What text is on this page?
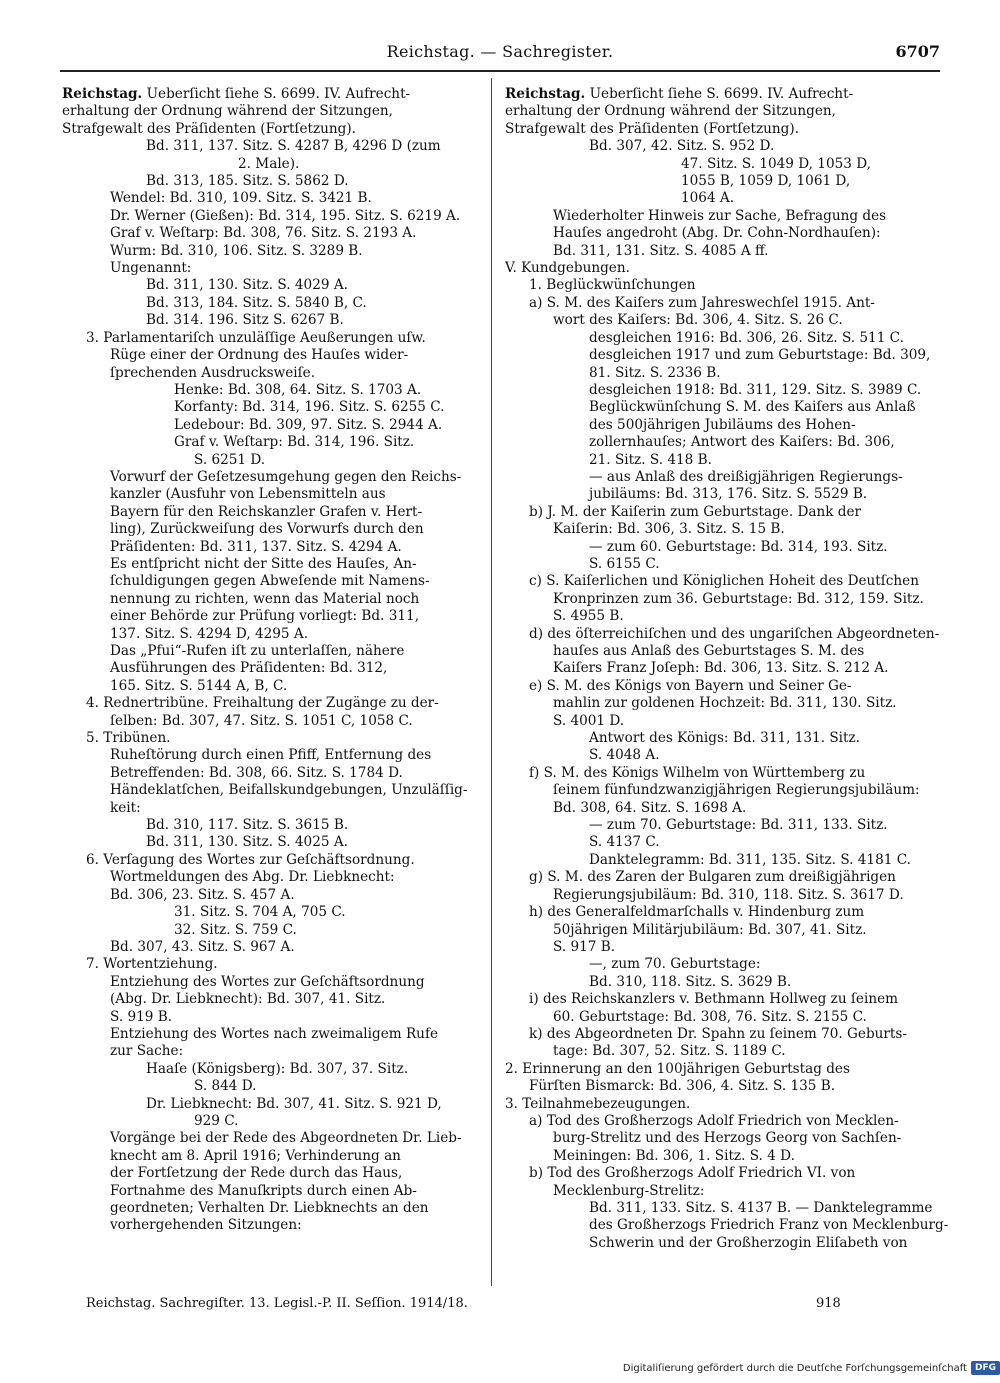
Reichstag. — Sachregister.	6707
Reichstag. Ueberſicht ſiehe S. 6699. IV. Aufrecht-
erhaltung der Ordnung während der Sitzungen,
Strafgewalt des Präſidenten (Fortſetzung).
Bd. 311, 137. Sitz. S. 4287 B, 4296 D (zum
2. Male).
Bd. 313, 185. Sitz. S. 5862 D.
Wendel: Bd. 310, 109. Sitz. S. 3421 B.
Dr. Werner (Gießen): Bd. 314, 195. Sitz. S. 6219 A.
Graf v. Weſtarp: Bd. 308, 76. Sitz. S. 2193 A.
Wurm: Bd. 310, 106. Sitz. S. 3289 B.
Ungenannt:
Bd. 311, 130. Sitz. S. 4029 A.
Bd. 313, 184. Sitz. S. 5840 B, C.
Bd. 314. 196. Sitz S. 6267 B.
3. Parlamentariſch unzuläſſige Aeußerungen uſw.
Rüge einer der Ordnung des Hauſes wider-
ſprechenden Ausdrucksweiſe.
Henke: Bd. 308, 64. Sitz. S. 1703 A.
Korfanty: Bd. 314, 196. Sitz. S. 6255 C.
Ledebour: Bd. 309, 97. Sitz. S. 2944 A.
Graf v. Weſtarp: Bd. 314, 196. Sitz.
S. 6251 D.
Vorwurf der Geſetzesumgehung gegen den Reichs-
kanzler (Ausfuhr von Lebensmitteln aus
Bayern für den Reichskanzler Grafen v. Hert-
ling), Zurückweiſung des Vorwurfs durch den
Präſidenten: Bd. 311, 137. Sitz. S. 4294 A.
Es entſpricht nicht der Sitte des Hauſes, An-
ſchuldigungen gegen Abweſende mit Namens-
nennung zu richten, wenn das Material noch
einer Behörde zur Prüfung vorliegt: Bd. 311,
137. Sitz. S. 4294 D, 4295 A.
Das „Pfui“-Rufen iſt zu unterlaſſen, nähere
Ausführungen des Präſidenten: Bd. 312,
165. Sitz. S. 5144 A, B, C.
4. Rednertribüne. Freihaltung der Zugänge zu der-
ſelben: Bd. 307, 47. Sitz. S. 1051 C, 1058 C.
5. Tribünen.
Ruheſtörung durch einen Pfiff, Entfernung des
Betreffenden: Bd. 308, 66. Sitz. S. 1784 D.
Händeklatſchen, Beifallskundgebungen, Unzuläſſig-
keit:
Bd. 310, 117. Sitz. S. 3615 B.
Bd. 311, 130. Sitz. S. 4025 A.
6. Verſagung des Wortes zur Geſchäftsordnung.
Wortmeldungen des Abg. Dr. Liebknecht:
Bd. 306, 23. Sitz. S. 457 A.
31. Sitz. S. 704 A, 705 C.
32. Sitz. S. 759 C.
Bd. 307, 43. Sitz. S. 967 A.
7. Wortentziehung.
Entziehung des Wortes zur Geſchäftsordnung
(Abg. Dr. Liebknecht): Bd. 307, 41. Sitz.
S. 919 B.
Entziehung des Wortes nach zweimaligem Rufe
zur Sache:
Haaſe (Königsberg): Bd. 307, 37. Sitz.
S. 844 D.
Dr. Liebknecht: Bd. 307, 41. Sitz. S. 921 D,
929 C.
Vorgänge bei der Rede des Abgeordneten Dr. Lieb-
knecht am 8. April 1916; Verhinderung an
der Fortſetzung der Rede durch das Haus,
Fortnahme des Manuſkripts durch einen Ab-
geordneten; Verhalten Dr. Liebknechts an den
vorhergehenden Sitzungen:
Reichstag. Ueberſicht ſiehe S. 6699. IV. Aufrecht-
erhaltung der Ordnung während der Sitzungen,
Strafgewalt des Präſidenten (Fortſetzung).
Bd. 307, 42. Sitz. S. 952 D.
47. Sitz. S. 1049 D, 1053 D,
1055 B, 1059 D, 1061 D,
1064 A.
Wiederholter Hinweis zur Sache, Befragung des
Hauſes angedroht (Abg. Dr. Cohn-Nordhauſen):
Bd. 311, 131. Sitz. S. 4085 A ff.
V. Kundgebungen.
1. Beglückwünſchungen
a) S. M. des Kaiſers zum Jahreswechſel 1915. Ant-
wort des Kaiſers: Bd. 306, 4. Sitz. S. 26 C.
desgleichen 1916: Bd. 306, 26. Sitz. S. 511 C.
desgleichen 1917 und zum Geburtstage: Bd. 309,
81. Sitz. S. 2336 B.
desgleichen 1918: Bd. 311, 129. Sitz. S. 3989 C.
Beglückwünſchung S. M. des Kaiſers aus Anlaß
des 500jährigen Jubiläums des Hohen-
zollernhauſes; Antwort des Kaiſers: Bd. 306,
21. Sitz. S. 418 B.
— aus Anlaß des dreißigjährigen Regierungs-
jubiläums: Bd. 313, 176. Sitz. S. 5529 B.
b) J. M. der Kaiſerin zum Geburtstage. Dank der
Kaiſerin: Bd. 306, 3. Sitz. S. 15 B.
— zum 60. Geburtstage: Bd. 314, 193. Sitz.
S. 6155 C.
c) S. Kaiſerlichen und Königlichen Hoheit des Deutſchen
Kronprinzen zum 36. Geburtstage: Bd. 312, 159. Sitz.
S. 4955 B.
d) des öſterreichiſchen und des ungariſchen Abgeordneten-
hauſes aus Anlaß des Geburtstages S. M. des
Kaiſers Franz Joſeph: Bd. 306, 13. Sitz. S. 212 A.
e) S. M. des Königs von Bayern und Seiner Ge-
mahlin zur goldenen Hochzeit: Bd. 311, 130. Sitz.
S. 4001 D.
Antwort des Königs: Bd. 311, 131. Sitz.
S. 4048 A.
f) S. M. des Königs Wilhelm von Württemberg zu
ſeinem fünfundzwanzigjährigen Regierungsjubiläum:
Bd. 308, 64. Sitz. S. 1698 A.
— zum 70. Geburtstage: Bd. 311, 133. Sitz.
S. 4137 C.
Danktelegramm: Bd. 311, 135. Sitz. S. 4181 C.
g) S. M. des Zaren der Bulgaren zum dreißigjährigen
Regierungsjubiläum: Bd. 310, 118. Sitz. S. 3617 D.
h) des Generalfeldmarſchalls v. Hindenburg zum
50jährigen Militärjubiläum: Bd. 307, 41. Sitz.
S. 917 B.
—, zum 70. Geburtstage:
Bd. 310, 118. Sitz. S. 3629 B.
i) des Reichskanzlers v. Bethmann Hollweg zu ſeinem
60. Geburtstage: Bd. 308, 76. Sitz. S. 2155 C.
k) des Abgeordneten Dr. Spahn zu ſeinem 70. Geburts-
tage: Bd. 307, 52. Sitz. S. 1189 C.
2. Erinnerung an den 100jährigen Geburtstag des
Fürſten Bismarck: Bd. 306, 4. Sitz. S. 135 B.
3. Teilnahmebezeugungen.
a) Tod des Großherzogs Adolf Friedrich von Mecklen-
burg-Strelitz und des Herzogs Georg von Sachſen-
Meiningen: Bd. 306, 1. Sitz. S. 4 D.
b) Tod des Großherzogs Adolf Friedrich VI. von
Mecklenburg-Strelitz:
Bd. 311, 133. Sitz. S. 4137 B. — Danktelegramme
des Großherzogs Friedrich Franz von Mecklenburg-
Schwerin und der Großherzogin Eliſabeth von
Reichstag. Sachregiſter. 13. Legisl.-P. II. Seſſion. 1914/18.	918
Digitaliſierung gefördert durch die Deutſche Forſchungsgemeinſchaft DFG
